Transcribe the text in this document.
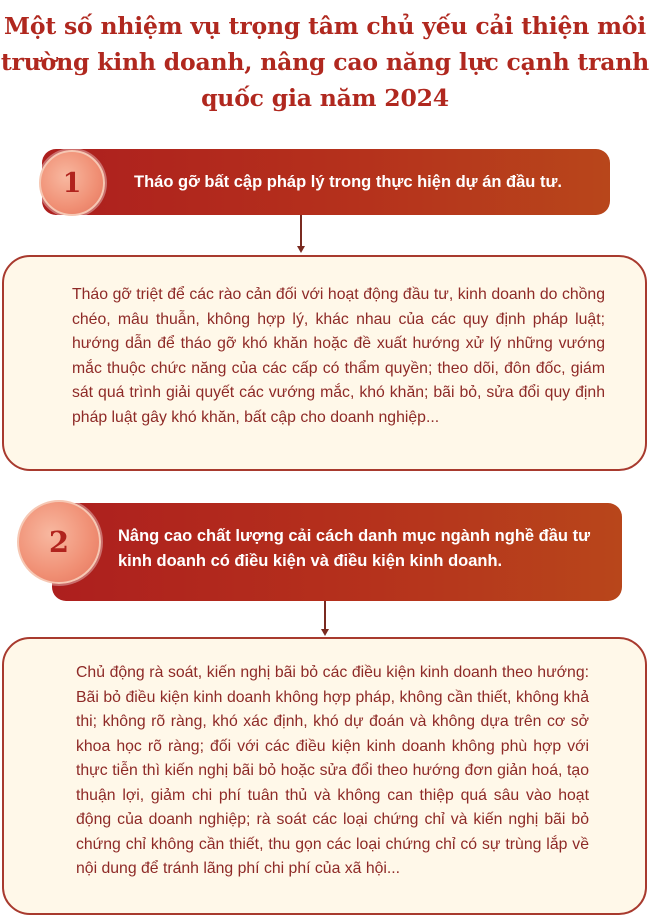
Một số nhiệm vụ trọng tâm chủ yếu cải thiện môi trường kinh doanh, nâng cao năng lực cạnh tranh quốc gia năm 2024
Tháo gỡ bất cập pháp lý trong thực hiện dự án đầu tư.
1
Tháo gỡ triệt để các rào cản đối với hoạt động đầu tư, kinh doanh do chồng chéo, mâu thuẫn, không hợp lý, khác nhau của các quy định pháp luật; hướng dẫn để tháo gỡ khó khăn hoặc đề xuất hướng xử lý những vướng mắc thuộc chức năng của các cấp có thẩm quyền; theo dõi, đôn đốc, giám sát quá trình giải quyết các vướng mắc, khó khăn; bãi bỏ, sửa đổi quy định pháp luật gây khó khăn, bất cập cho doanh nghiệp...
Nâng cao chất lượng cải cách danh mục ngành nghề đầu tư kinh doanh có điều kiện và điều kiện kinh doanh.
2
Chủ động rà soát, kiến nghị bãi bỏ các điều kiện kinh doanh theo hướng: Bãi bỏ điều kiện kinh doanh không hợp pháp, không cần thiết, không khả thi; không rõ ràng, khó xác định, khó dự đoán và không dựa trên cơ sở khoa học rõ ràng; đối với các điều kiện kinh doanh không phù hợp với thực tiễn thì kiến nghị bãi bỏ hoặc sửa đổi theo hướng đơn giản hoá, tạo thuận lợi, giảm chi phí tuân thủ và không can thiệp quá sâu vào hoạt động của doanh nghiệp; rà soát các loại chứng chỉ và kiến nghị bãi bỏ chứng chỉ không cần thiết, thu gọn các loại chứng chỉ có sự trùng lắp về nội dung để tránh lãng phí chi phí của xã hội...
